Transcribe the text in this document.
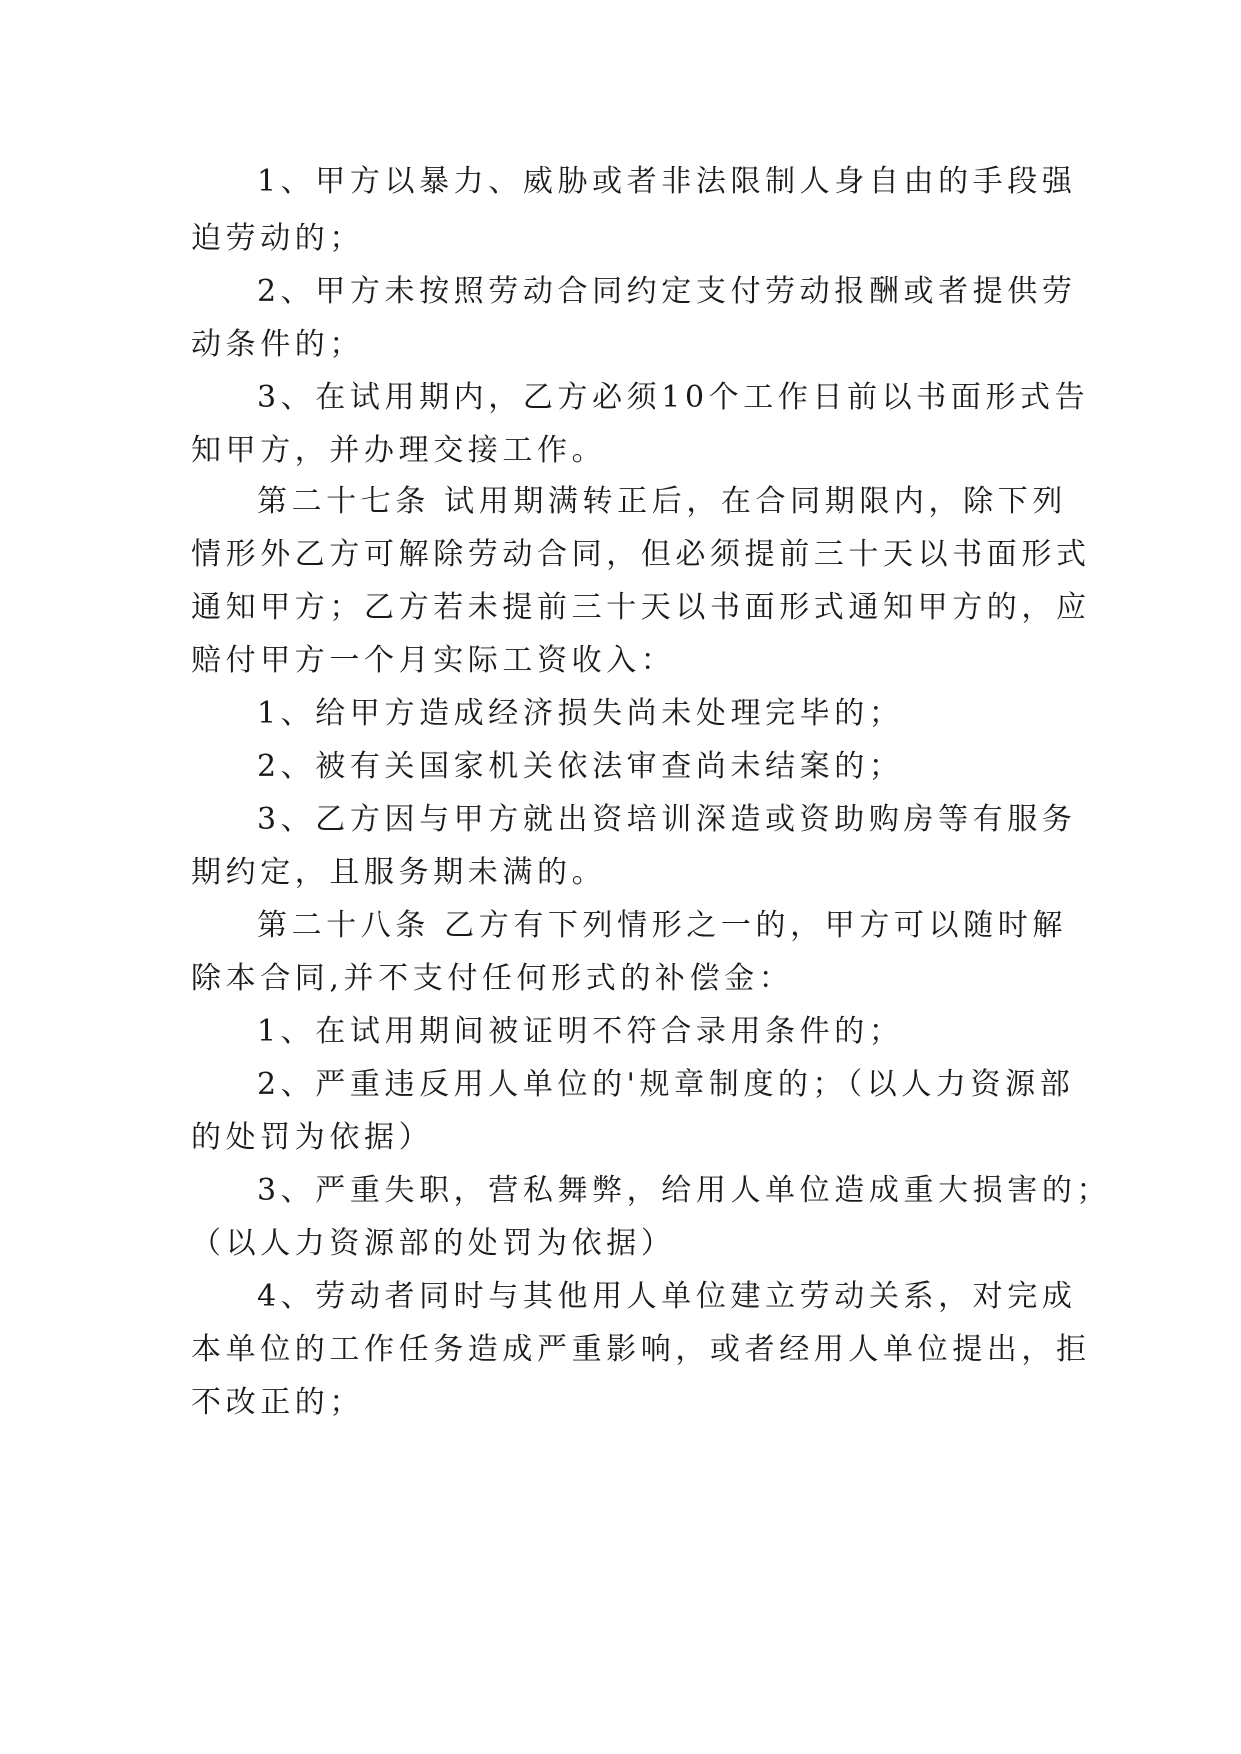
1、甲方以暴力、威胁或者非法限制人身自由的手段强
迫劳动的；
2、甲方未按照劳动合同约定支付劳动报酬或者提供劳
动条件的；
3、在试用期内，乙方必须10个工作日前以书面形式告
知甲方，并办理交接工作。
第二十七条 试用期满转正后，在合同期限内，除下列
情形外乙方可解除劳动合同，但必须提前三十天以书面形式
通知甲方；乙方若未提前三十天以书面形式通知甲方的，应
赔付甲方一个月实际工资收入：
1、给甲方造成经济损失尚未处理完毕的；
2、被有关国家机关依法审查尚未结案的；
3、乙方因与甲方就出资培训深造或资助购房等有服务
期约定，且服务期未满的。
第二十八条 乙方有下列情形之一的，甲方可以随时解
除本合同,并不支付任何形式的补偿金：
1、在试用期间被证明不符合录用条件的；
2、严重违反用人单位的'规章制度的；（以人力资源部
的处罚为依据）
3、严重失职，营私舞弊，给用人单位造成重大损害的；
（以人力资源部的处罚为依据）
4、劳动者同时与其他用人单位建立劳动关系，对完成
本单位的工作任务造成严重影响，或者经用人单位提出，拒
不改正的；
